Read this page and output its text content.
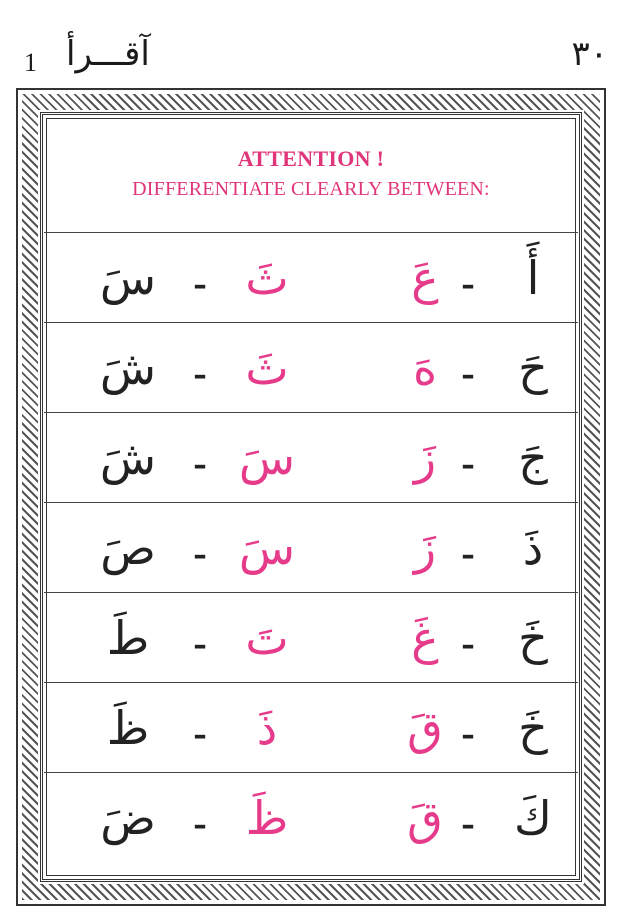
1 آقـــرأ	٣٠
ATTENTION !
DIFFERENTIATE CLEARLY BETWEEN:
أَ
ـ
عَ
ثَ
ـ
سَ
حَ
ـ
هَ
ثَ
ـ
شَ
جَ
ـ
زَ
سَ
ـ
شَ
ذَ
ـ
زَ
سَ
ـ
صَ
خَ
ـ
غَ
تَ
ـ
طَ
خَ
ـ
قَ
ذَ
ـ
ظَ
كَ
ـ
قَ
ظَ
ـ
ضَ
